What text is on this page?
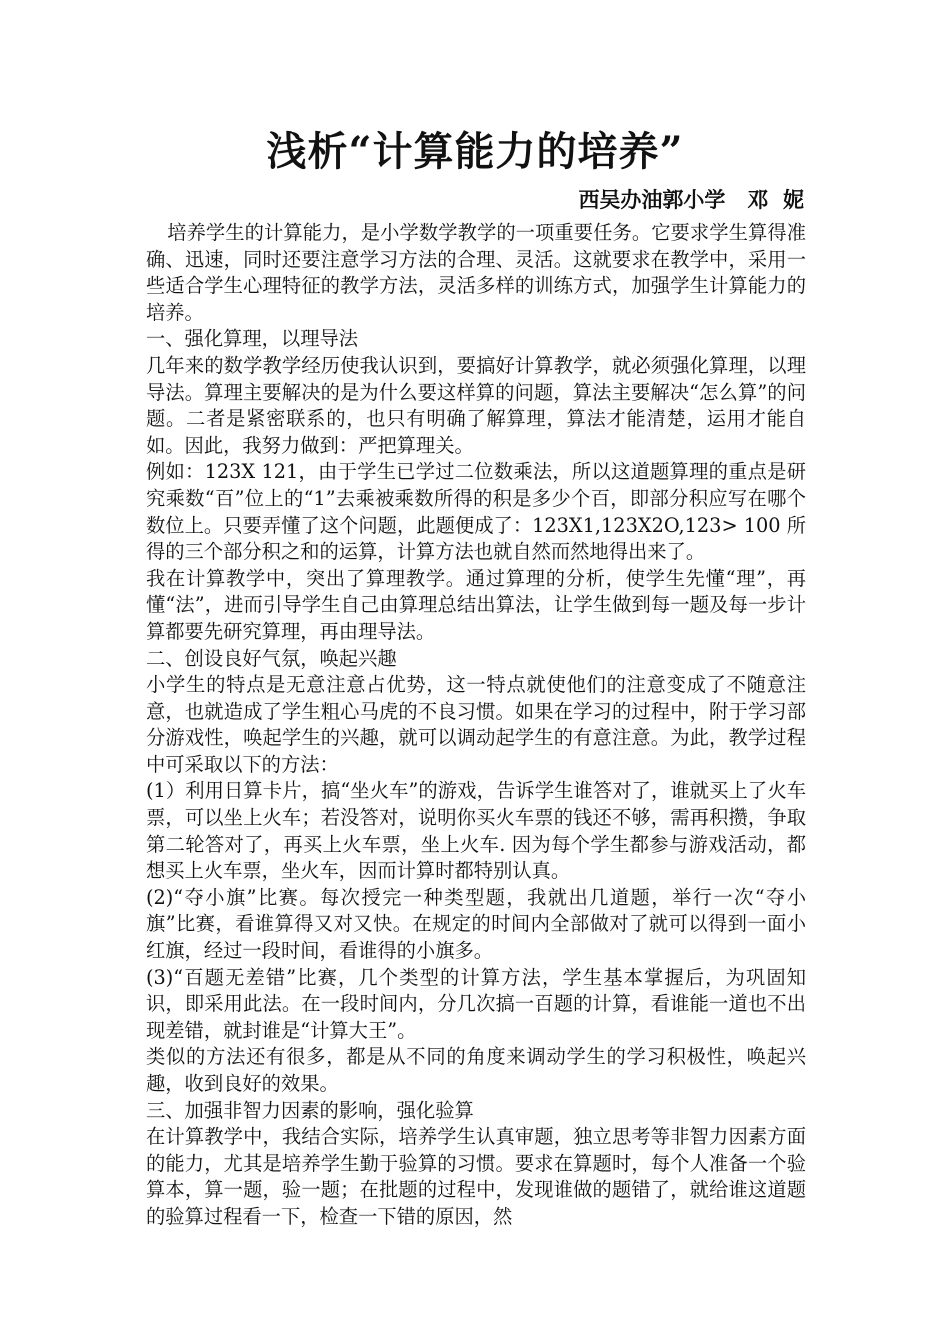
浅析“计算能力的培养”
西吴办油郭小学   邓  妮

培养学生的计算能力，是小学数学教学的一项重要任务。它要求学生算得准确、迅速，同时还要注意学习方法的合理、灵活。这就要求在教学中，采用一些适合学生心理特征的教学方法，灵活多样的训练方式，加强学生计算能力的培养。

一、强化算理，以理导法

几年来的数学教学经历使我认识到，要搞好计算教学，就必须强化算理，以理导法。算理主要解决的是为什么要这样算的问题，算法主要解决“怎么算”的问题。二者是紧密联系的，也只有明确了解算理，算法才能清楚，运用才能自如。因此，我努力做到：严把算理关。

例如：123X 121，由于学生已学过二位数乘法，所以这道题算理的重点是研究乘数“百”位上的“1”去乘被乘数所得的积是多少个百，即部分积应写在哪个数位上。只要弄懂了这个问题，此题便成了：123X1,123X2O,123> 100 所得的三个部分积之和的运算，计算方法也就自然而然地得出来了。

我在计算教学中，突出了算理教学。通过算理的分析，使学生先懂“理”，再懂“法”，进而引导学生自己由算理总结出算法，让学生做到每一题及每一步计算都要先研究算理，再由理导法。

二、创设良好气氛，唤起兴趣

小学生的特点是无意注意占优势，这一特点就使他们的注意变成了不随意注意，也就造成了学生粗心马虎的不良习惯。如果在学习的过程中，附于学习部分游戏性，唤起学生的兴趣，就可以调动起学生的有意注意。为此，教学过程中可采取以下的方法：

(1）利用日算卡片，搞“坐火车”的游戏，告诉学生谁答对了，谁就买上了火车票，可以坐上火车；若没答对，说明你买火车票的钱还不够，需再积攒，争取第二轮答对了，再买上火车票，坐上火车. 因为每个学生都参与游戏活动，都想买上火车票，坐火车，因而计算时都特别认真。

(2)“夺小旗”比赛。每次授完一种类型题，我就出几道题，举行一次“夺小旗”比赛，看谁算得又对又快。在规定的时间内全部做对了就可以得到一面小红旗，经过一段时间，看谁得的小旗多。

(3)“百题无差错”比赛，几个类型的计算方法，学生基本掌握后，为巩固知识，即采用此法。在一段时间内，分几次搞一百题的计算，看谁能一道也不出现差错，就封谁是“计算大王”。

类似的方法还有很多，都是从不同的角度来调动学生的学习积极性，唤起兴趣，收到良好的效果。

三、加强非智力因素的影响，强化验算

在计算教学中，我结合实际，培养学生认真审题，独立思考等非智力因素方面的能力，尤其是培养学生勤于验算的习惯。要求在算题时，每个人准备一个验算本，算一题，验一题；在批题的过程中，发现谁做的题错了，就给谁这道题的验算过程看一下，检查一下错的原因，然
